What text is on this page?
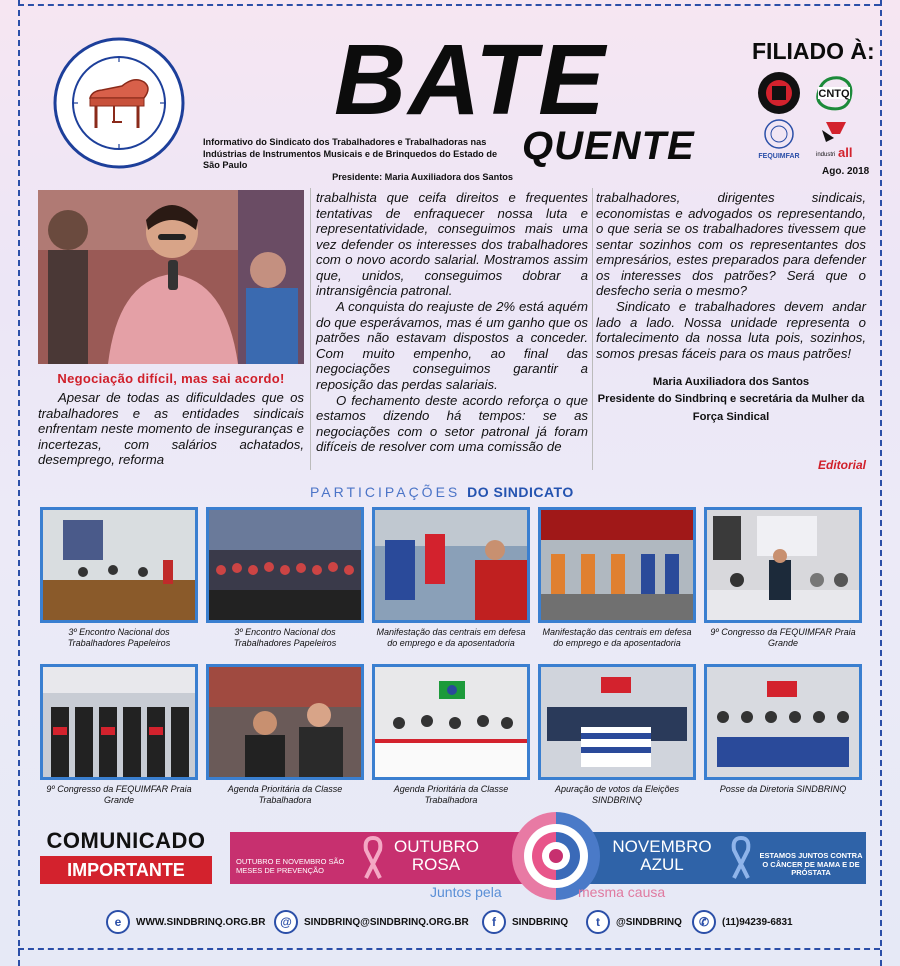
BATE
Informativo do Sindicato dos Trabalhadores e Trabalhadoras nas Indústrias de Instrumentos Musicais e de Brinquedos do Estado de São Paulo
Presidente: Maria Auxiliadora dos Santos
QUENTE
FILIADO À:
CNTQ
FEQUIMFAR	industri all
Ago. 2018
Negociação difícil, mas sai acordo!

Apesar de todas as dificuldades que os trabalhadores e as entidades sindicais enfrentam neste momento de inseguranças e incertezas, com salários achatados, desemprego, reforma

trabalhista que ceifa direitos e frequentes tentativas de enfraquecer nossa luta e representatividade, conseguimos mais uma vez defender os interesses dos trabalhadores com o novo acordo salarial. Mostramos assim que, unidos, conseguimos dobrar a intransigência patronal.

A conquista do reajuste de 2% está aquém do que esperávamos, mas é um ganho que os patrões não estavam dispostos a conceder. Com muito empenho, ao final das negociações conseguimos garantir a reposição das perdas salariais.

O fechamento deste acordo reforça o que estamos dizendo há tempos: se as negociações com o setor patronal já foram difíceis de resolver com uma comissão de

trabalhadores, dirigentes sindicais, economistas e advogados os representando, o que seria se os trabalhadores tivessem que sentar sozinhos com os representantes dos empresários, estes preparados para defender os interesses dos patrões? Será que o desfecho seria o mesmo?

Sindicato e trabalhadores devem andar lado a lado. Nossa unidade representa o fortalecimento da nossa luta pois, sozinhos, somos presas fáceis para os maus patrões!

Maria Auxiliadora dos Santos
Presidente do Sindbrinq e secretária da Mulher da Força Sindical
Editorial
PARTICIPAÇÕES DO SINDICATO
3º Encontro Nacional dos Trabalhadores Papeleiros
3º Encontro Nacional dos Trabalhadores Papeleiros
Manifestação das centrais em defesa do emprego e da aposentadoria
Manifestação das centrais em defesa do emprego e da aposentadoria
9º Congresso da FEQUIMFAR Praia Grande
9º Congresso da FEQUIMFAR Praia Grande
Agenda Prioritária da Classe Trabalhadora
Agenda Prioritária da Classe Trabalhadora
Apuração de votos da Eleições SINDBRINQ
Posse da Diretoria SINDBRINQ
COMUNICADO
IMPORTANTE	OUTUBRO E NOVEMBRO SÃO MESES DE PREVENÇÃO
OUTUBRO ROSA
NOVEMBRO AZUL	ESTAMOS JUNTOS CONTRA O CÂNCER DE MAMA E DE PRÓSTATA
Juntos pela	mesma causa
e	WWW.SINDBRINQ.ORG.BR	@	SINDBRINQ@SINDBRINQ.ORG.BR	f	SINDBRINQ	t	@SINDBRINQ	✆	(11)94239-6831
